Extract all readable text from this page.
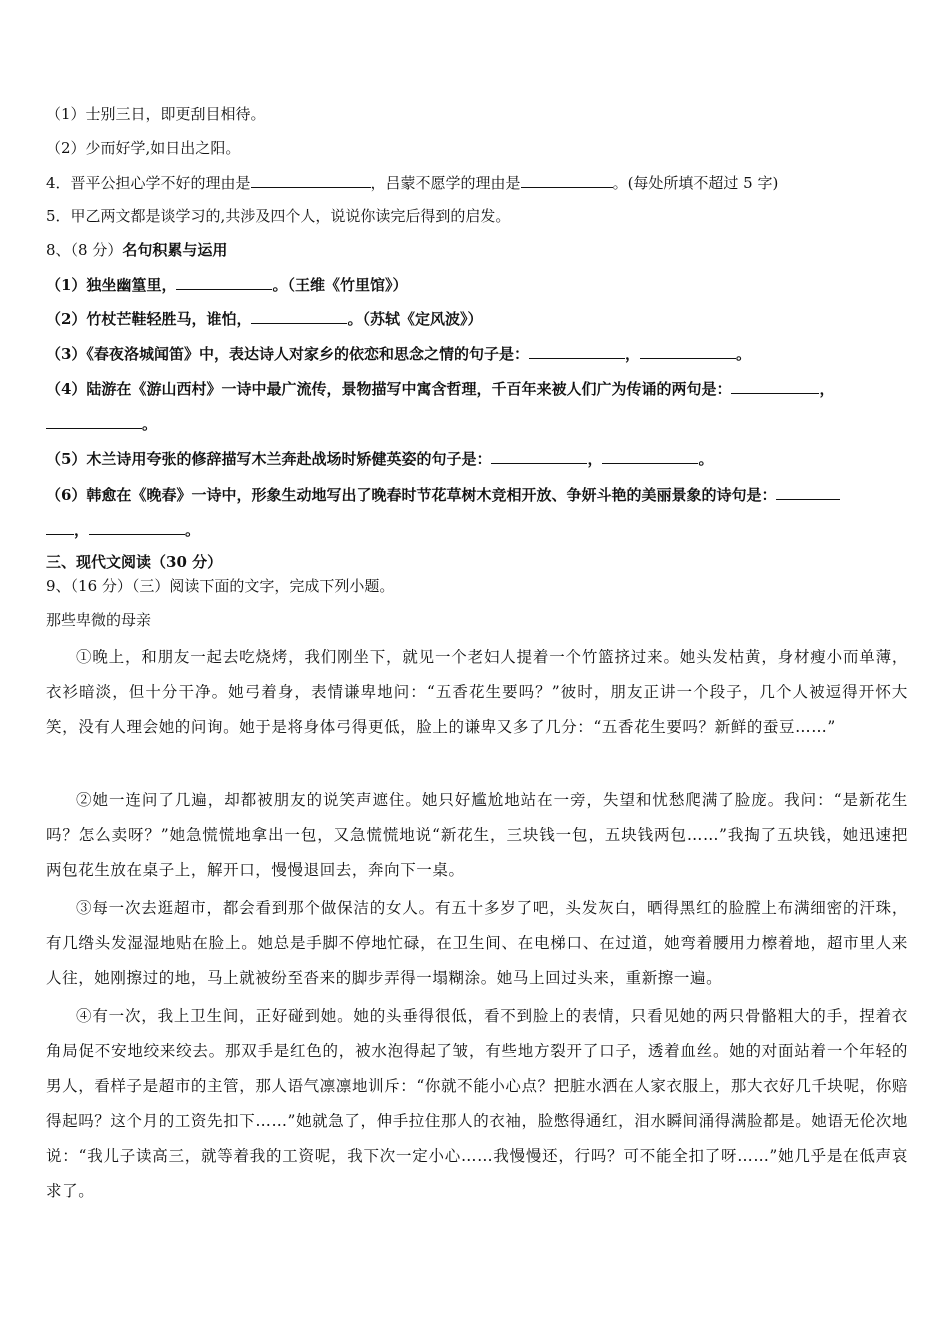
（1）士别三日，即更刮目相待。
（2）少而好学,如日出之阳。
4．晋平公担心学不好的理由是	，吕蒙不愿学的理由是	。(每处所填不超过 5 字)
5．甲乙两文都是谈学习的,共涉及四个人，说说你读完后得到的启发。
8、（8 分）名句积累与运用
（1）独坐幽篁里，	。（王维《竹里馆》）
（2）竹杖芒鞋轻胜马，谁怕，	。（苏轼《定风波》）
（3）《春夜洛城闻笛》中，表达诗人对家乡的依恋和思念之情的句子是：	，	。
（4）陆游在《游山西村》一诗中最广流传，景物描写中寓含哲理，千百年来被人们广为传诵的两句是：	，
。
（5）木兰诗用夸张的修辞描写木兰奔赴战场时矫健英姿的句子是：	，	。
（6）韩愈在《晚春》一诗中，形象生动地写出了晚春时节花草树木竞相开放、争妍斗艳的美丽景象的诗句是：
，	。
三、现代文阅读（30 分）
9、（16 分）（三）阅读下面的文字，完成下列小题。
那些卑微的母亲
①晚上，和朋友一起去吃烧烤，我们刚坐下，就见一个老妇人提着一个竹篮挤过来。她头发枯黄，身材瘦小而单薄，衣衫暗淡，但十分干净。她弓着身，表情谦卑地问：“五香花生要吗？”彼时，朋友正讲一个段子，几个人被逗得开怀大笑，没有人理会她的问询。她于是将身体弓得更低，脸上的谦卑又多了几分：“五香花生要吗？新鲜的蚕豆……”
②她一连问了几遍，却都被朋友的说笑声遮住。她只好尴尬地站在一旁，失望和忧愁爬满了脸庞。我问：“是新花生吗？怎么卖呀？”她急慌慌地拿出一包，又急慌慌地说“新花生，三块钱一包，五块钱两包……”我掏了五块钱，她迅速把两包花生放在桌子上，解开口，慢慢退回去，奔向下一桌。
③每一次去逛超市，都会看到那个做保洁的女人。有五十多岁了吧，头发灰白，晒得黑红的脸膛上布满细密的汗珠，有几绺头发湿湿地贴在脸上。她总是手脚不停地忙碌，在卫生间、在电梯口、在过道，她弯着腰用力檫着地，超市里人来人往，她刚擦过的地，马上就被纷至沓来的脚步弄得一塌糊涂。她马上回过头来，重新擦一遍。
④有一次，我上卫生间，正好碰到她。她的头垂得很低，看不到脸上的表情，只看见她的两只骨骼粗大的手，捏着衣角局促不安地绞来绞去。那双手是红色的，被水泡得起了皱，有些地方裂开了口子，透着血丝。她的对面站着一个年轻的男人，看样子是超市的主管，那人语气凛凛地训斥：“你就不能小心点？把脏水洒在人家衣服上，那大衣好几千块呢，你赔得起吗？这个月的工资先扣下……”她就急了，伸手拉住那人的衣袖，脸憋得通红，泪水瞬间涌得满脸都是。她语无伦次地说：“我儿子读高三，就等着我的工资呢，我下次一定小心……我慢慢还，行吗？可不能全扣了呀……”她几乎是在低声哀求了。
